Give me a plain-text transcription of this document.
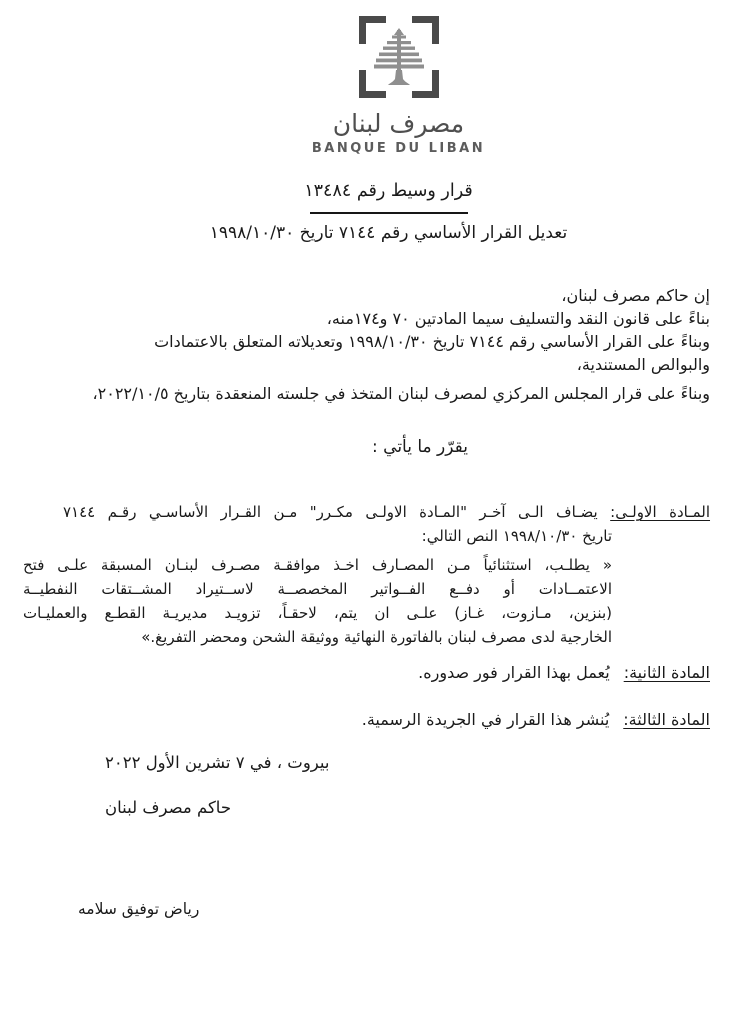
مصرف لبنان
BANQUE DU LIBAN
قرار وسيط رقم ١٣٤٨٤
تعديل القرار الأساسي رقم ٧١٤٤ تاريخ ١٩٩٨/١٠/٣٠
إن حاكم مصرف لبنان،
بناءً على قانون النقد والتسليف سيما المادتين ٧٠ و١٧٤منه،
وبناءً على القرار الأساسي رقم ٧١٤٤ تاريخ ١٩٩٨/١٠/٣٠ وتعديلاته المتعلق بالاعتمادات
والبوالص المستندية،
وبناءً على قرار المجلس المركزي لمصرف لبنان المتخذ في جلسته المنعقدة بتاريخ ٢٠٢٢/١٠/٥،
يقرّر ما يأتي :
المـادة الاولـى: يضـاف الـى آخـر "المـادة الاولـى مكـرر" مـن القـرار الأساسـي رقـم ٧١٤٤
تاريخ ١٩٩٨/١٠/٣٠ النص التالي:
« يطلـب، استثنائياً مـن المصـارف اخـذ موافقـة مصـرف لبنـان المسبقة علـى فتح
الاعتمــادات أو دفــع الفــواتير المخصصــة لاســتيراد المشــتقات النفطيــة
(بنزين، مـازوت، غـاز) علـى ان يتم، لاحقـاً، تزويـد مديريـة القطـع والعمليـات
الخارجية لدى مصرف لبنان بالفاتورة النهائية ووثيقة الشحن ومحضر التفريغ.»
المادة الثانية:
يُعمل بهذا القرار فور صدوره.
المادة الثالثة:
يُنشر هذا القرار في الجريدة الرسمية.
بيروت ، في ٧ تشرين الأول ٢٠٢٢
حاكم مصرف لبنان
رياض توفيق سلامه
